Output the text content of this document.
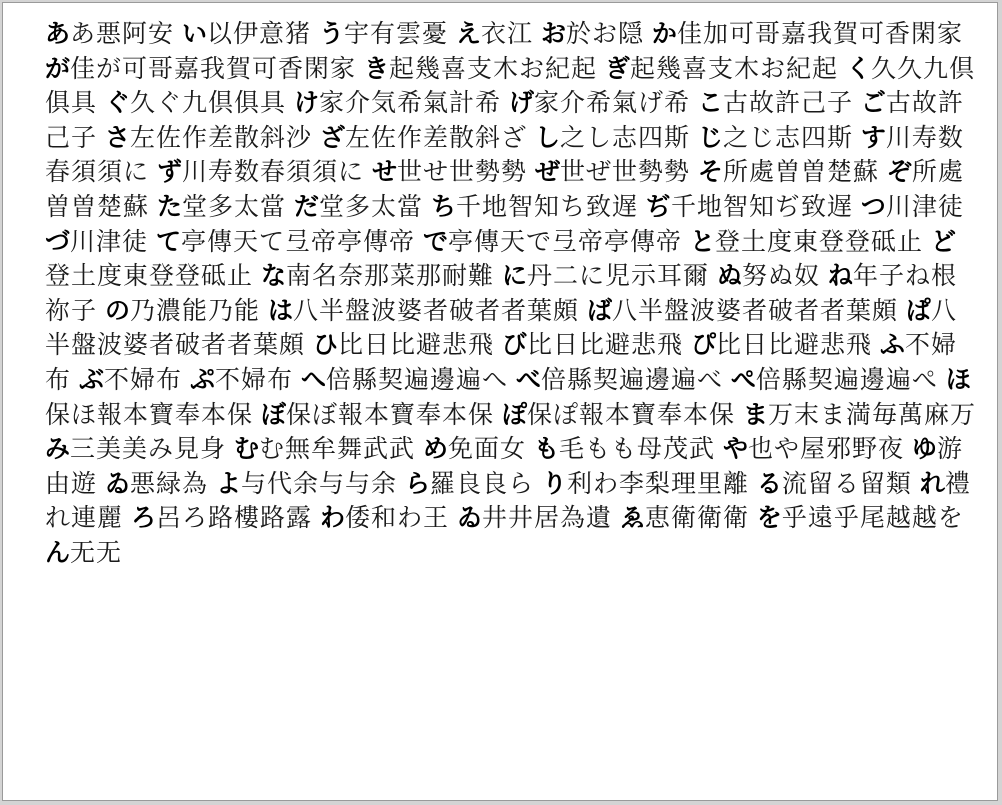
ああ悪阿安 い以伊意猪 う宇有雲憂 え衣江 お於お隠 か佳加可哥嘉我賀可香閑家 が佳が可哥嘉我賀可香閑家 き起幾喜支木お紀起 ぎ起幾喜支木お紀起 く久久九倶俱具 ぐ久ぐ九倶俱具 け家介気希氣計希 げ家介希氣げ希 こ古故許己子 ご古故許己子 さ左佐作差散斜沙 ざ左佐作差散斜ざ し之し志四斯 じ之じ志四斯 す川寿数春須須に ず川寿数春須須に せ世せ世勢勢 ぜ世ぜ世勢勢 そ所處曽曽楚蘇 ぞ所處曽曽楚蘇 た堂多太當 だ堂多太當 ち千地智知ち致遅 ぢ千地智知ぢ致遅 つ川津徒 づ川津徒 て亭傳天て弖帝亭傳帝 で亭傳天で弖帝亭傳帝 と登土度東登登砥止 ど登土度東登登砥止 な南名奈那菜那耐難 に丹二に児示耳爾 ぬ努ぬ奴 ね年子ね根祢子 の乃濃能乃能 は八半盤波婆者破者者葉頗 ば八半盤波婆者破者者葉頗 ぱ八半盤波婆者破者者葉頗 ひ比日比避悲飛 び比日比避悲飛 ぴ比日比避悲飛 ふ不婦布 ぶ不婦布 ぷ不婦布 へ倍縣契遍邊遍へ べ倍縣契遍邊遍べ ぺ倍縣契遍邊遍ぺ ほ保ほ報本寶奉本保 ぼ保ぼ報本寶奉本保 ぽ保ぽ報本寶奉本保 ま万末ま満毎萬麻万 み三美美み見身 むむ無牟舞武武 め免面女 も毛もも母茂武 や也や屋邪野夜 ゆ游由遊 ゐ悪緑為 よ与代余与与余 ら羅良良ら り利わ李梨理里離 る流留る留類 れ禮れ連麗 ろ呂ろ路樓路露 わ倭和わ王 ゐ井井居為遺 ゑ恵衛衛衛 を乎遠乎尾越越を ん无无
